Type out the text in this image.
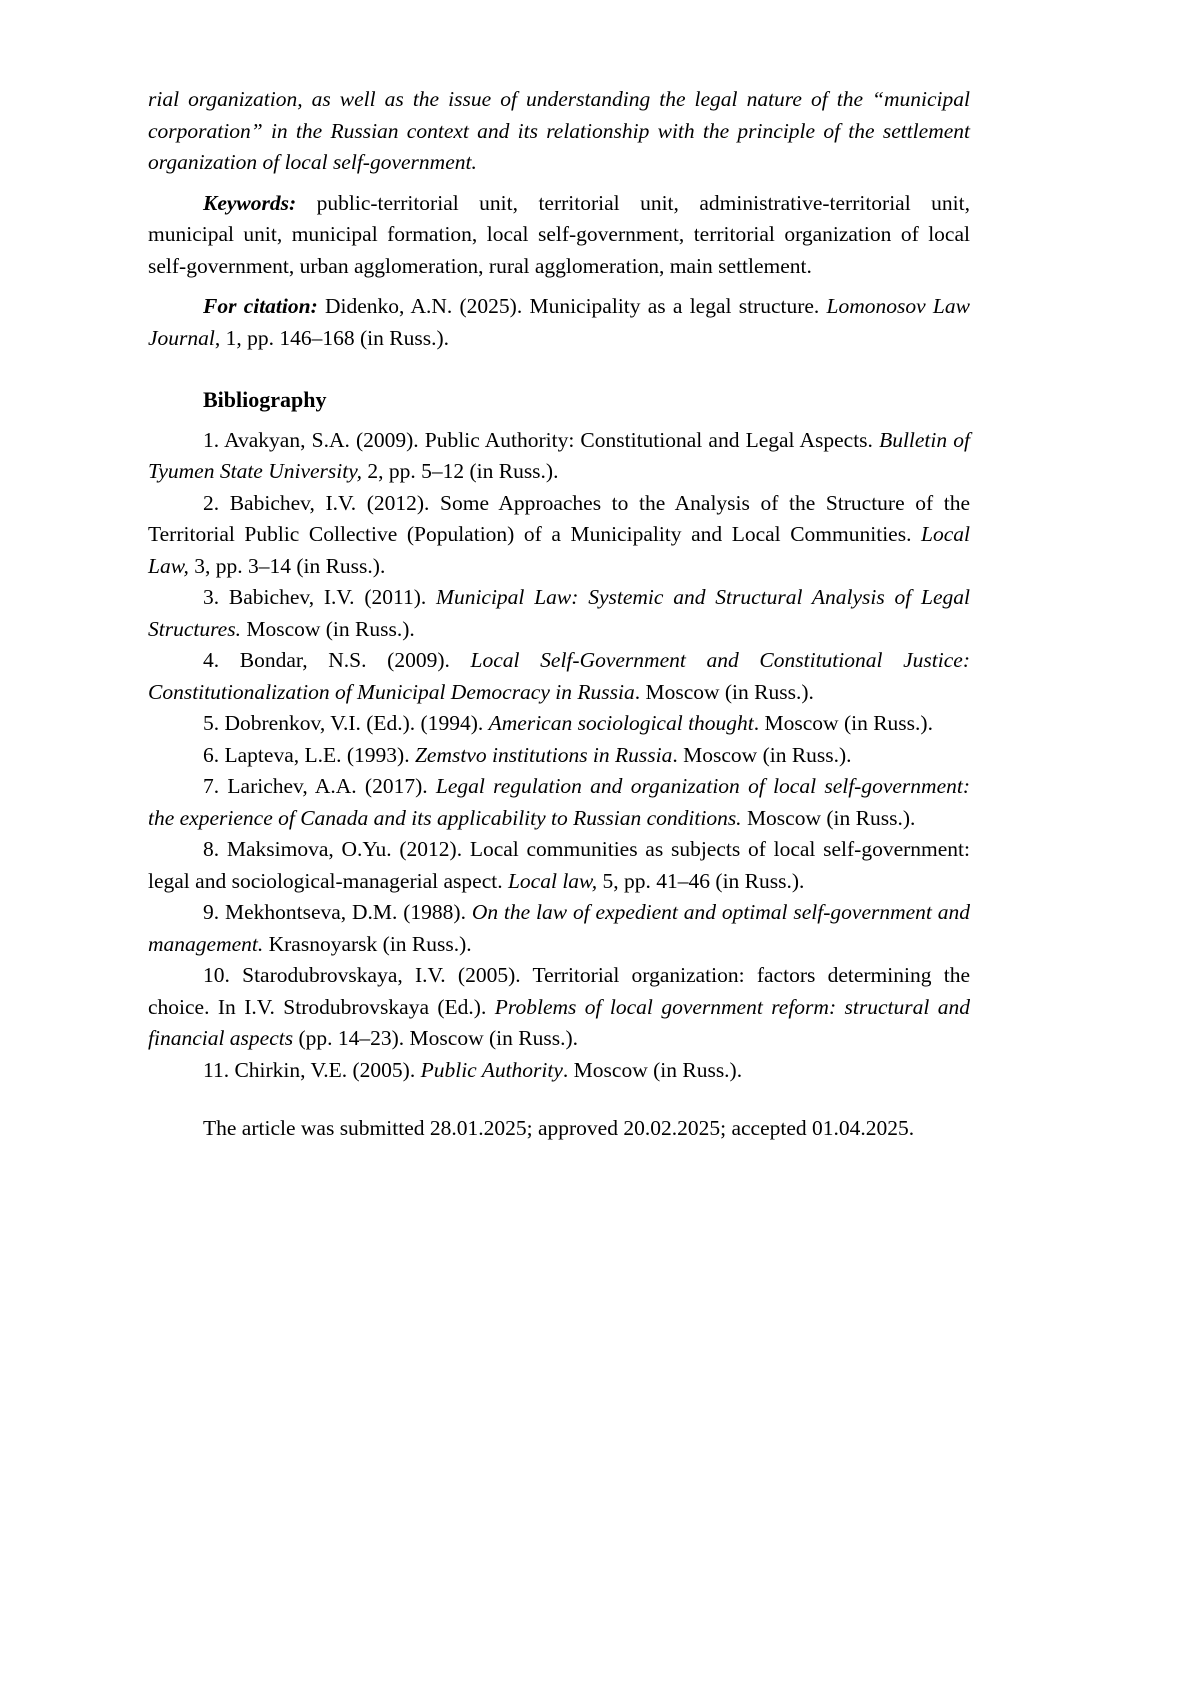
rial organization, as well as the issue of understanding the legal nature of the “municipal corporation” in the Russian context and its relationship with the principle of the settlement organization of local self-government.

Keywords: public-territorial unit, territorial unit, administrative-territorial unit, municipal unit, municipal formation, local self-government, territorial organization of local self-government, urban agglomeration, rural agglomeration, main settlement.

For citation: Didenko, A.N. (2025). Municipality as a legal structure. Lomonosov Law Journal, 1, pp. 146–168 (in Russ.).

Bibliography

1. Avakyan, S.A. (2009). Public Authority: Constitutional and Legal Aspects. Bulletin of Tyumen State University, 2, pp. 5–12 (in Russ.).

2. Babichev, I.V. (2012). Some Approaches to the Analysis of the Structure of the Territorial Public Collective (Population) of a Municipality and Local Communities. Local Law, 3, pp. 3–14 (in Russ.).

3. Babichev, I.V. (2011). Municipal Law: Systemic and Structural Analysis of Legal Structures. Moscow (in Russ.).

4. Bondar, N.S. (2009). Local Self-Government and Constitutional Justice: Constitutionalization of Municipal Democracy in Russia. Moscow (in Russ.).

5. Dobrenkov, V.I. (Ed.). (1994). American sociological thought. Moscow (in Russ.).

6. Lapteva, L.E. (1993). Zemstvo institutions in Russia. Moscow (in Russ.).

7. Larichev, A.A. (2017). Legal regulation and organization of local self-government: the experience of Canada and its applicability to Russian conditions. Moscow (in Russ.).

8. Maksimova, O.Yu. (2012). Local communities as subjects of local self-government: legal and sociological-managerial aspect. Local law, 5, pp. 41–46 (in Russ.).

9. Mekhontseva, D.M. (1988). On the law of expedient and optimal self-government and management. Krasnoyarsk (in Russ.).

10. Starodubrovskaya, I.V. (2005). Territorial organization: factors determining the choice. In I.V. Strodubrovskaya (Ed.). Problems of local government reform: structural and financial aspects (pp. 14–23). Moscow (in Russ.).

11. Chirkin, V.E. (2005). Public Authority. Moscow (in Russ.).

The article was submitted 28.01.2025; approved 20.02.2025; accepted 01.04.2025.
